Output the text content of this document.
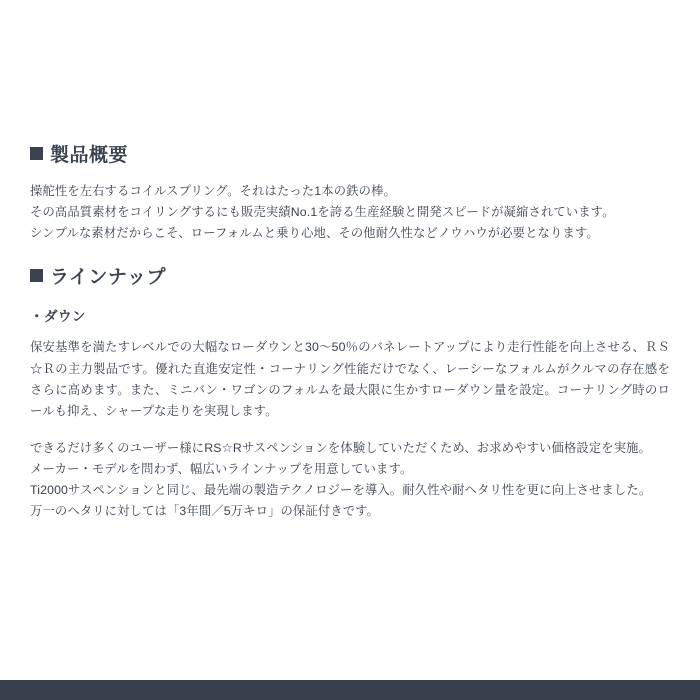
製品概要
操舵性を左右するコイルスプリング。それはたった1本の鉄の棒。
その高品質素材をコイリングするにも販売実績No.1を誇る生産経験と開発スピードが凝縮されています。
シンプルな素材だからこそ、ローフォルムと乗り心地、その他耐久性などノウハウが必要となります。
ラインナップ
・ダウン

保安基準を満たすレベルでの大幅なローダウンと30〜50％のバネレートアップにより走行性能を向上させる、ＲＳ☆Ｒの主力製品です。優れた直進安定性・コーナリング性能だけでなく、レーシーなフォルムがクルマの存在感をさらに高めます。また、ミニバン・ワゴンのフォルムを最大限に生かすローダウン量を設定。コーナリング時のロールも抑え、シャープな走りを実現します。

できるだけ多くのユーザー様にRS☆Rサスペンションを体験していただくため、お求めやすい価格設定を実施。
メーカー・モデルを問わず、幅広いラインナップを用意しています。
Ti2000サスペンションと同じ、最先端の製造テクノロジーを導入。耐久性や耐ヘタリ性を更に向上させました。
万一のヘタリに対しては「3年間／5万キロ」の保証付きです。
